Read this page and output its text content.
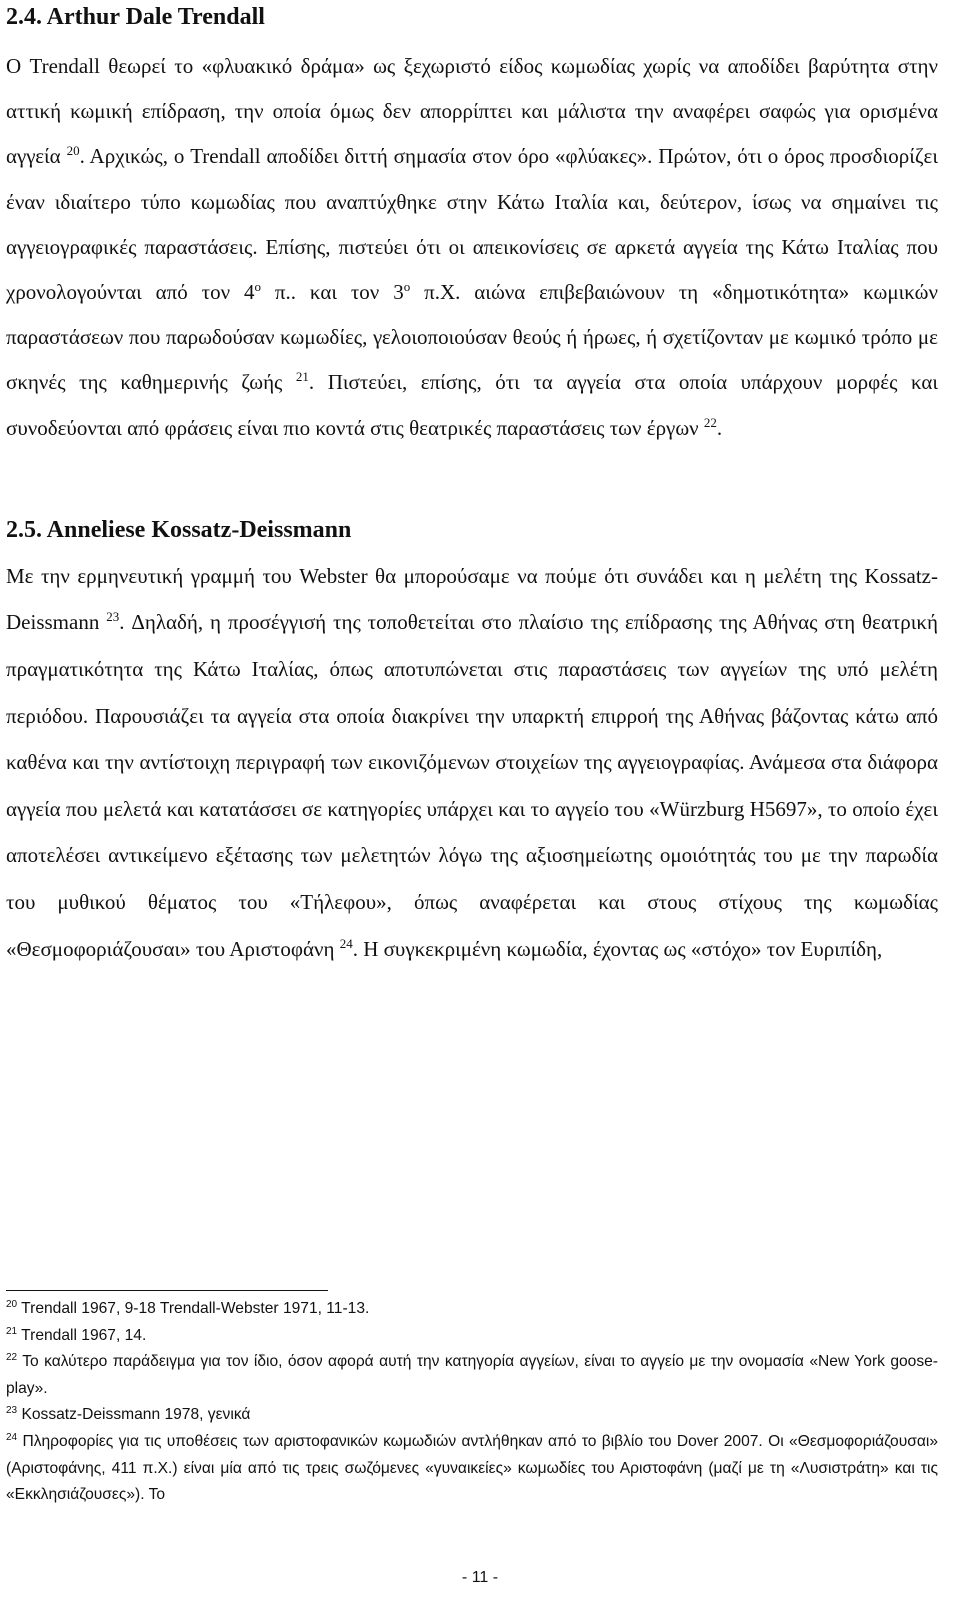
2.4. Arthur Dale Trendall

Ο Trendall θεωρεί το «φλυακικό δράμα» ως ξεχωριστό είδος κωμωδίας χωρίς να αποδίδει βαρύτητα στην αττική κωμική επίδραση, την οποία όμως δεν απορρίπτει και μάλιστα την αναφέρει σαφώς για ορισμένα αγγεία $^{20}$. Αρχικώς, ο Trendall αποδίδει διττή σημασία στον όρο «φλύακες». Πρώτον, ότι ο όρος προσδιορίζει έναν ιδιαίτερο τύπο κωμωδίας που αναπτύχθηκε στην Κάτω Ιταλία και, δεύτερον, ίσως να σημαίνει τις αγγειογραφικές παραστάσεις. Επίσης, πιστεύει ότι οι απεικονίσεις σε αρκετά αγγεία της Κάτω Ιταλίας που χρονολογούνται από τον $4^o$ π.. και τον $3^o$ π.Χ. αιώνα επιβεβαιώνουν τη «δημοτικότητα» κωμικών παραστάσεων που παρωδούσαν κωμωδίες, γελοιοποιούσαν θεούς ή ήρωες, ή σχετίζονταν με κωμικό τρόπο με σκηνές της καθημερινής ζωής $^{21}$. Πιστεύει, επίσης, ότι τα αγγεία στα οποία υπάρχουν μορφές και συνοδεύονται από φράσεις είναι πιο κοντά στις θεατρικές παραστάσεις των έργων $^{22}$.

2.5. Anneliese Kossatz-Deissmann

Με την ερμηνευτική γραμμή του Webster θα μπορούσαμε να πούμε ότι συνάδει και η μελέτη της Kossatz-Deissmann $^{23}$. Δηλαδή, η προσέγγισή της τοποθετείται στο πλαίσιο της επίδρασης της Αθήνας στη θεατρική πραγματικότητα της Κάτω Ιταλίας, όπως αποτυπώνεται στις παραστάσεις των αγγείων της υπό μελέτη περιόδου. Παρουσιάζει τα αγγεία στα οποία διακρίνει την υπαρκτή επιρροή της Αθήνας βάζοντας κάτω από καθένα και την αντίστοιχη περιγραφή των εικονιζόμενων στοιχείων της αγγειογραφίας. Ανάμεσα στα διάφορα αγγεία που μελετά και κατατάσσει σε κατηγορίες υπάρχει και το αγγείο του «Würzburg H5697», το οποίο έχει αποτελέσει αντικείμενο εξέτασης των μελετητών λόγω της αξιοσημείωτης ομοιότητάς του με την παρωδία του μυθικού θέματος του «Τήλεφου», όπως αναφέρεται και στους στίχους της κωμωδίας «Θεσμοφοριάζουσαι» του Αριστοφάνη $^{24}$. Η συγκεκριμένη κωμωδία, έχοντας ως «στόχο» τον Ευριπίδη,

$^{20}$ Trendall 1967, 9-18 Trendall-Webster 1971, 11-13.

$^{21}$ Trendall 1967, 14.

$^{22}$ Το καλύτερο παράδειγμα για τον ίδιο, όσον αφορά αυτή την κατηγορία αγγείων, είναι το αγγείο με την ονομασία «New York goose-play».

$^{23}$ Kossatz-Deissmann 1978, γενικά

$^{24}$ Πληροφορίες για τις υποθέσεις των αριστοφανικών κωμωδιών αντλήθηκαν από το βιβλίο του Dover 2007. Οι «Θεσμοφοριάζουσαι» (Αριστοφάνης, 411 π.Χ.) είναι μία από τις τρεις σωζόμενες «γυναικείες» κωμωδίες του Αριστοφάνη (μαζί με τη «Λυσιστράτη» και τις «Εκκλησιάζουσες»). Το

- 11 -
